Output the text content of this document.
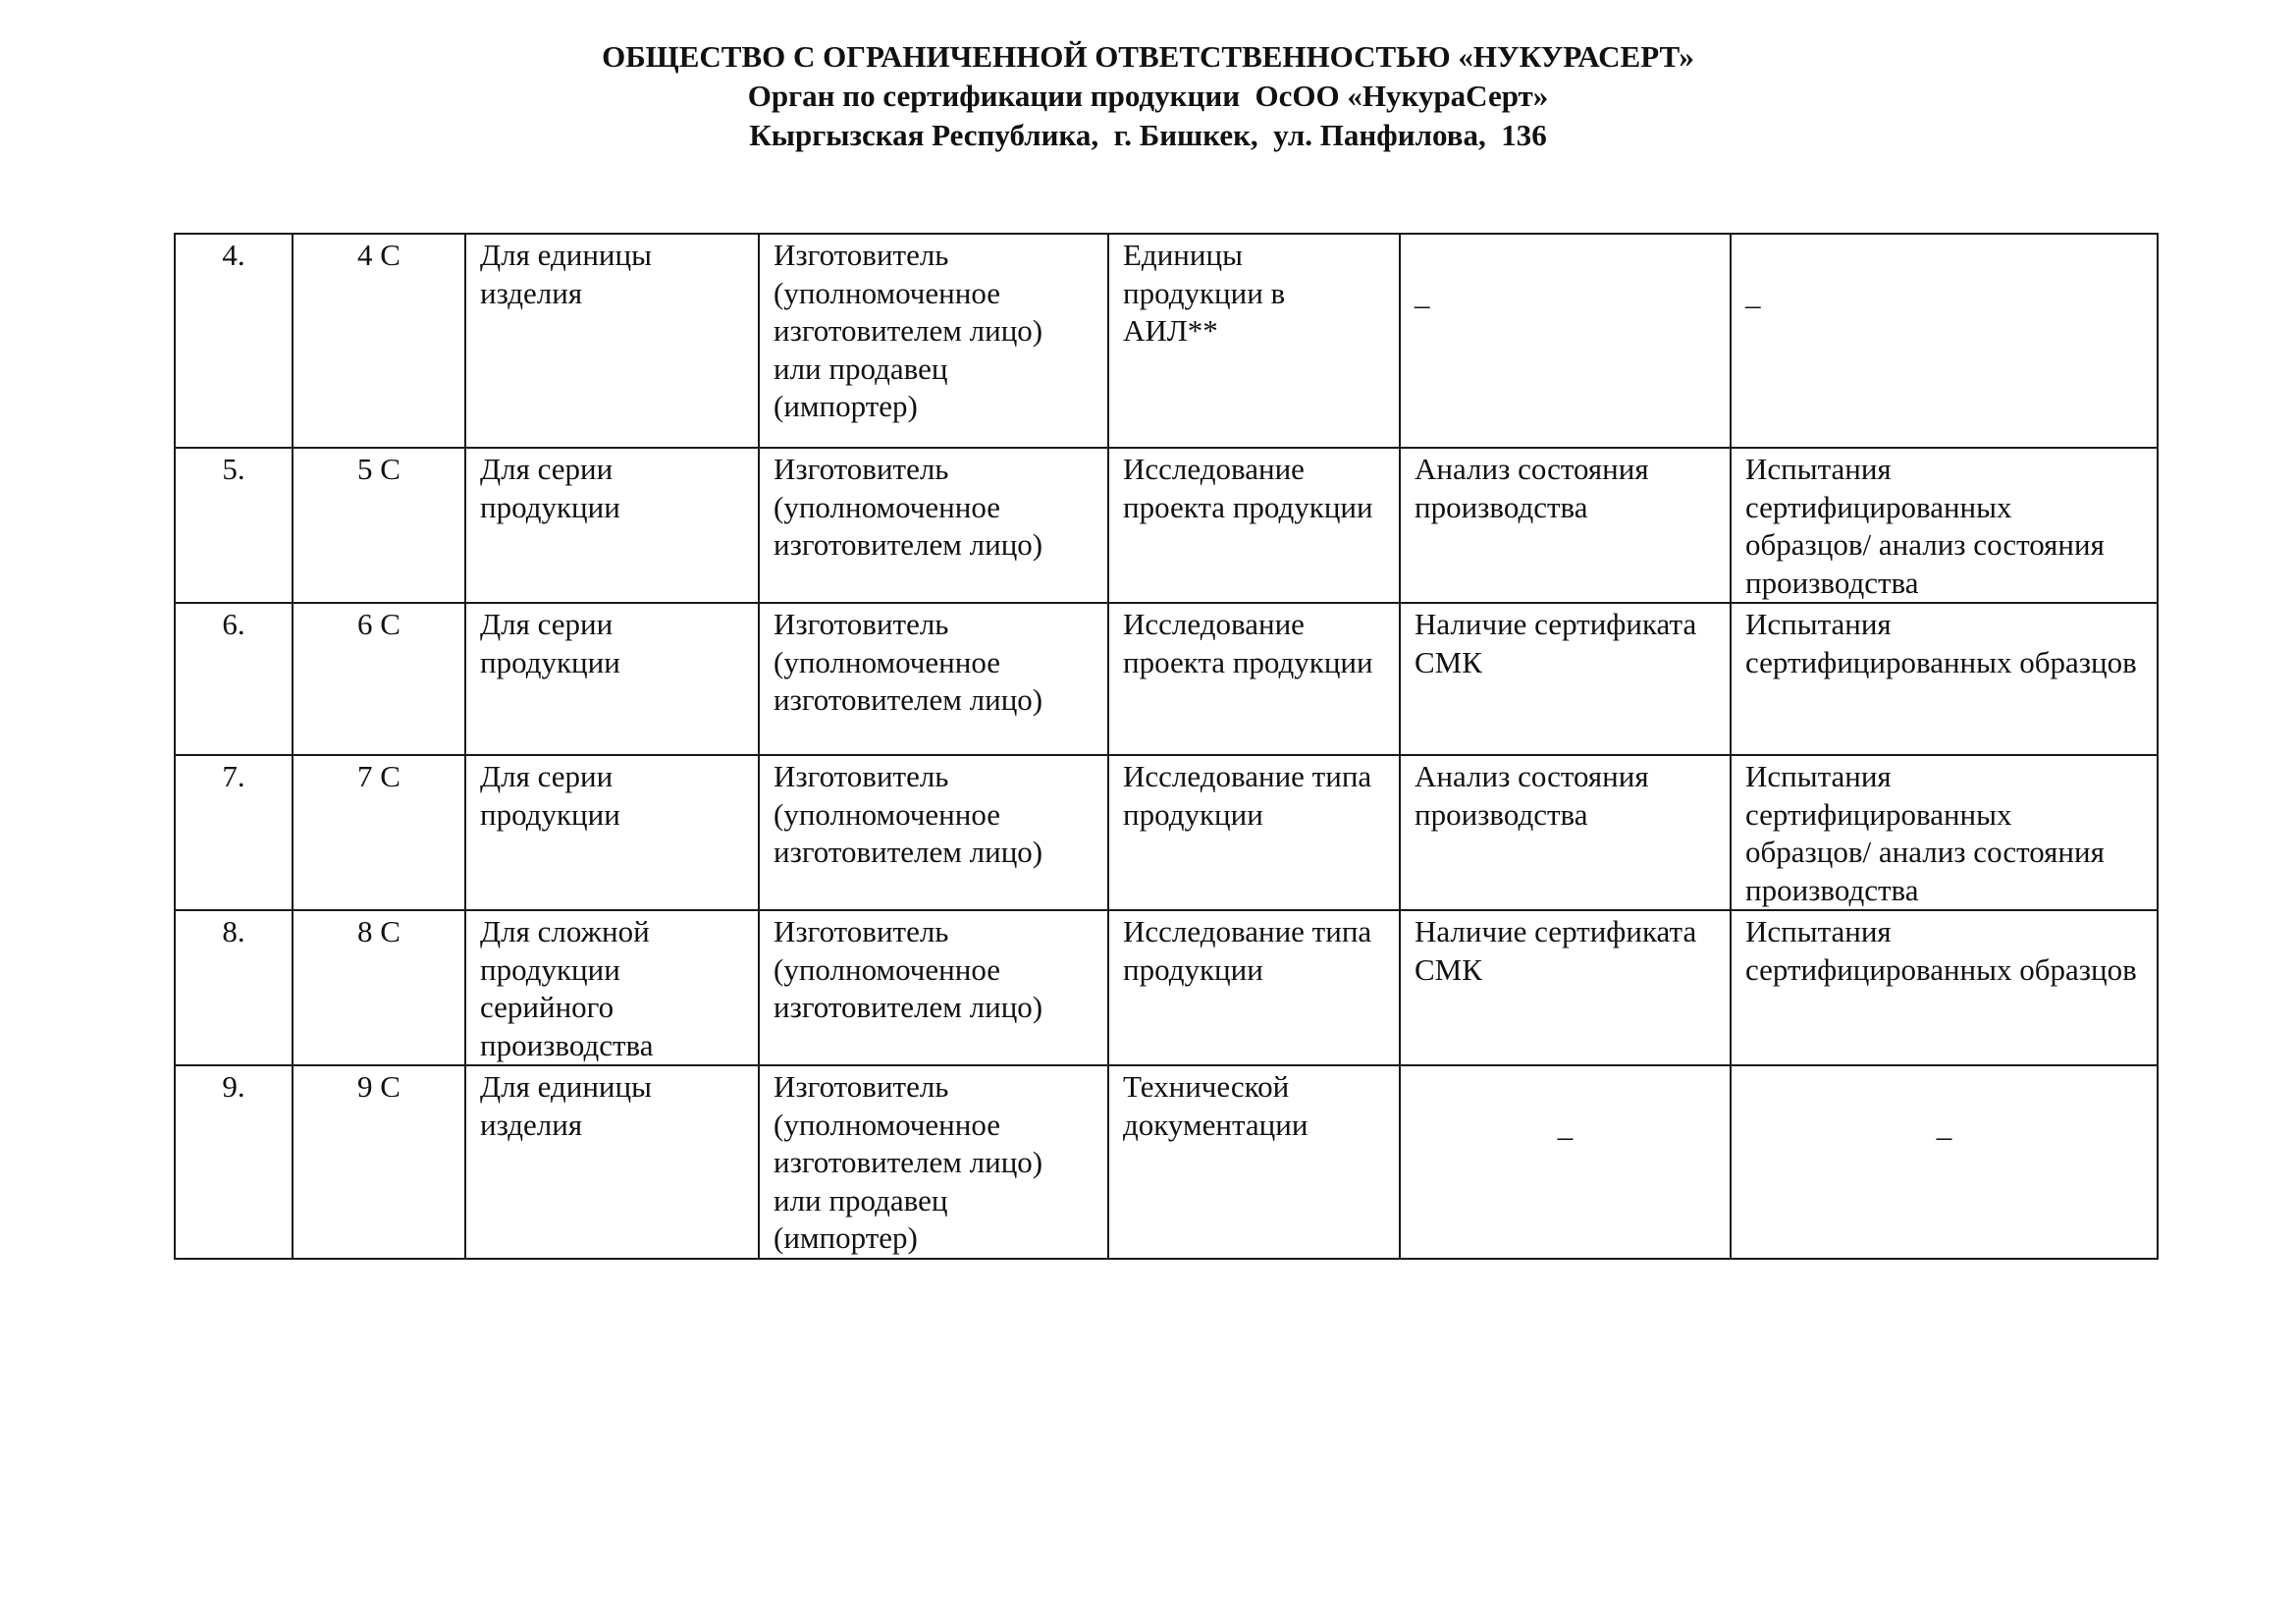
ОБЩЕСТВО С ОГРАНИЧЕННОЙ ОТВЕТСТВЕННОСТЬЮ «НУКУРАСЕРТ»
Орган по сертификации продукции  ОсОО «НукураСерт»
Кыргызская Республика,  г. Бишкек,  ул. Панфилова,  136
4.	4 С	Для единицы изделия	Изготовитель (уполномоченное изготовителем лицо) или продавец (импортер)	Единицы продукции в АИЛ**	_	_
5.	5 С	Для серии продукции	Изготовитель (уполномоченное изготовителем лицо)	Исследование проекта продукции	Анализ состояния производства	Испытания сертифицированных образцов/ анализ состояния производства
6.	6 С	Для серии продукции	Изготовитель (уполномоченное изготовителем лицо)	Исследование проекта продукции	Наличие сертификата СМК	Испытания сертифицированных образцов
7.	7 С	Для серии продукции	Изготовитель (уполномоченное изготовителем лицо)	Исследование типа продукции	Анализ состояния производства	Испытания сертифицированных образцов/ анализ состояния производства
8.	8 С	Для сложной продукции серийного производства	Изготовитель (уполномоченное изготовителем лицо)	Исследование типа продукции	Наличие сертификата СМК	Испытания сертифицированных образцов
9.	9 С	Для единицы изделия	Изготовитель (уполномоченное изготовителем лицо) или продавец (импортер)	Технической документации	_	_
